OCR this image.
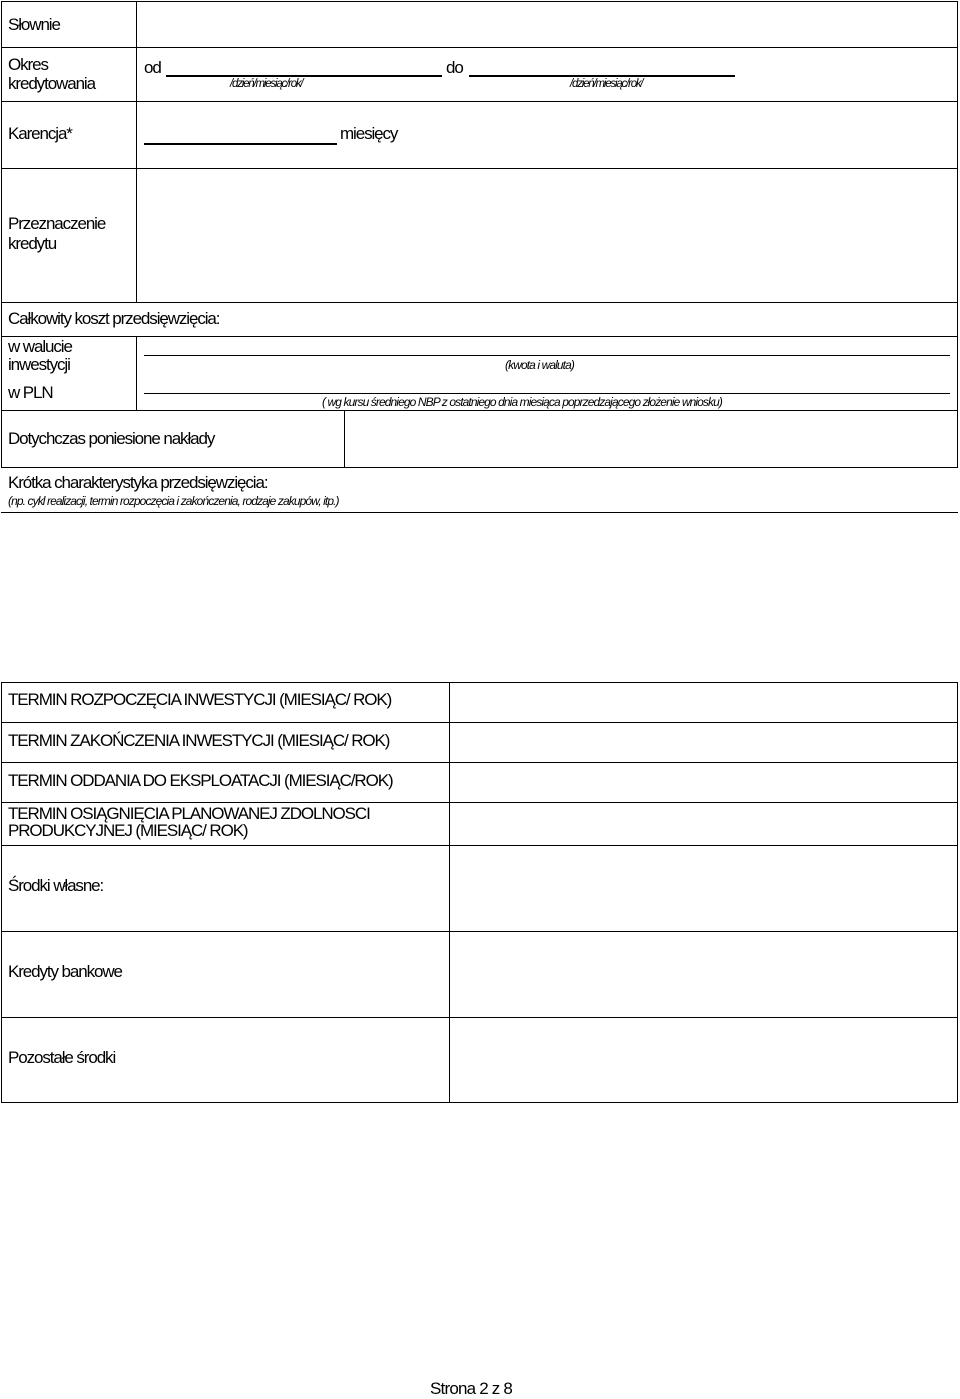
Słownie
Okres
kredytowania
od
/dzień/miesiąc/rok/
do
/dzień/miesiąc/rok/
Karencja*	miesięcy
Przeznaczenie
kredytu
Całkowity koszt przedsięwzięcia:
w walucie
inwestycji	(kwota i waluta)
w PLN	( wg kursu średniego NBP z ostatniego dnia miesiąca poprzedzającego złożenie wniosku)
Dotychczas poniesione nakłady
Krótka charakterystyka przedsięwzięcia:
(np. cykl realizacji, termin rozpoczęcia i zakończenia, rodzaje zakupów, itp.)
TERMIN ROZPOCZĘCIA INWESTYCJI (MIESIĄC/ ROK)
TERMIN ZAKOŃCZENIA INWESTYCJI (MIESIĄC/ ROK)
TERMIN ODDANIA DO EKSPLOATACJI (MIESIĄC/ROK)
TERMIN OSIĄGNIĘCIA PLANOWANEJ ZDOLNOSCI
PRODUKCYJNEJ (MIESIĄC/ ROK)
Środki własne:
Kredyty bankowe
Pozostałe środki
Strona 2 z 8
